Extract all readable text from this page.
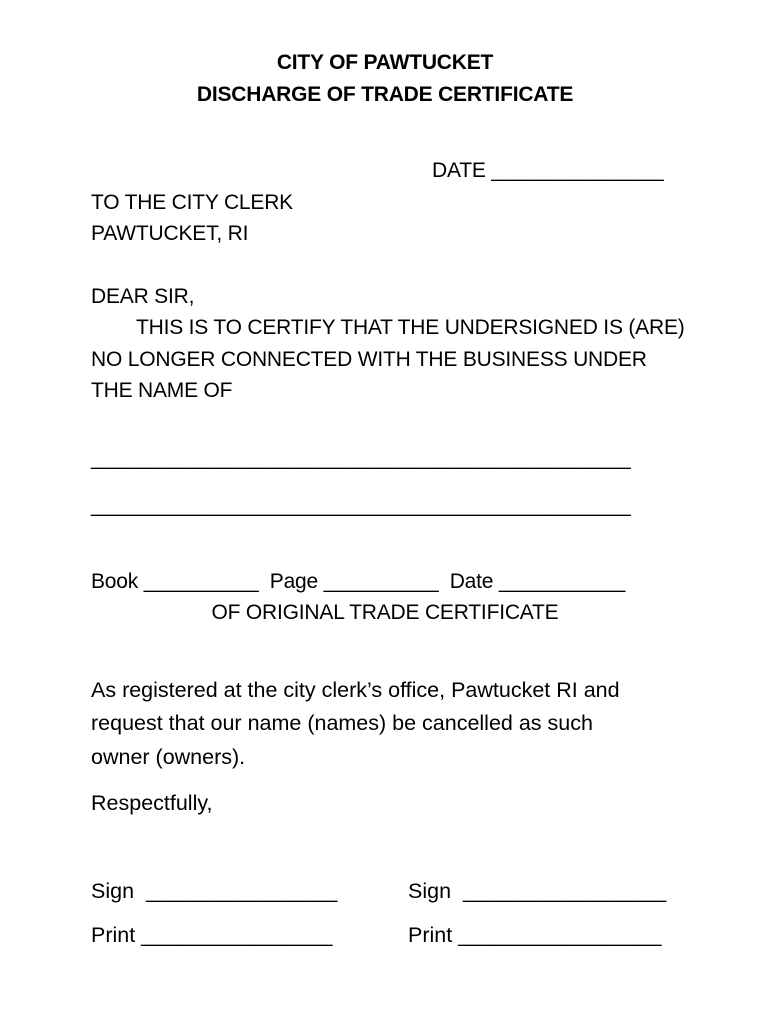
CITY OF PAWTUCKET
DISCHARGE OF TRADE CERTIFICATE
DATE _______________
TO THE CITY CLERK
PAWTUCKET, RI
DEAR SIR,
THIS IS TO CERTIFY THAT THE UNDERSIGNED IS (ARE)
NO LONGER CONNECTED WITH THE BUSINESS UNDER
THE NAME OF
_______________________________________________
_______________________________________________
Book __________  Page __________  Date ___________
OF ORIGINAL TRADE CERTIFICATE
As registered at the city clerk’s office, Pawtucket RI and
request that our name (names) be cancelled as such
owner (owners).
Respectfully,
Sign  ________________	Sign  _________________
Print ________________	Print _________________
